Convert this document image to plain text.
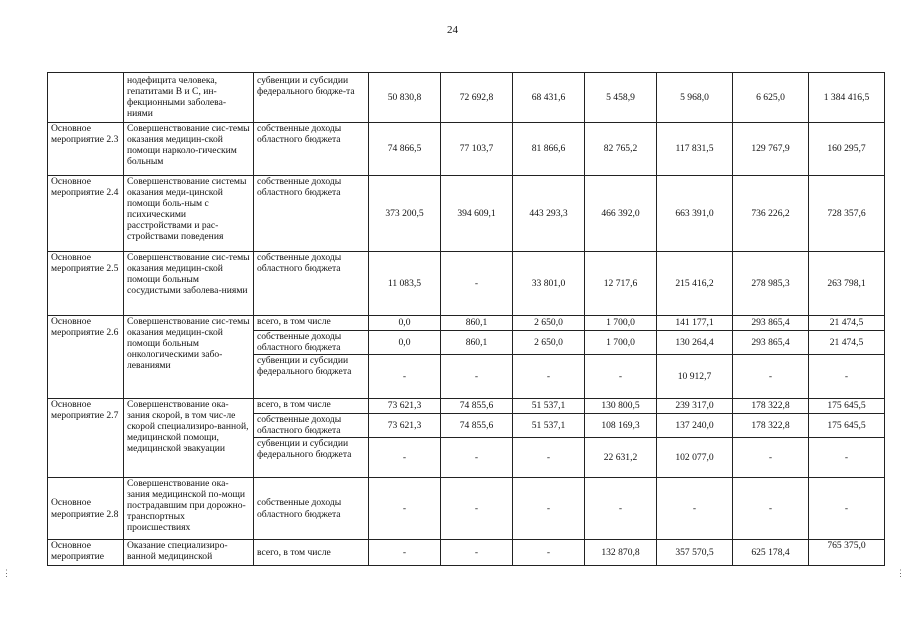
24
	нодефицита человека, гепатитами В и С, ин-фекционными заболева-ниями	субвенции и субсидии федерального бюдже-та	50 830,8	72 692,8	68 431,6	5 458,9	5 968,0	6 625,0	1 384 416,5
Основное мероприятие 2.3	Совершенствование сис-темы оказания медицин-ской помощи нарколо-гическим больным	собственные доходы областного бюджета	74 866,5	77 103,7	81 866,6	82 765,2	117 831,5	129 767,9	160 295,7
Основное мероприятие 2.4	Совершенствование системы оказания меди-цинской помощи боль-ным с психическими расстройствами и рас-стройствами поведения	собственные доходы областного бюджета	373 200,5	394 609,1	443 293,3	466 392,0	663 391,0	736 226,2	728 357,6
Основное мероприятие 2.5	Совершенствование сис-темы оказания медицин-ской помощи больным сосудистыми заболева-ниями	собственные доходы областного бюджета	11 083,5	-	33 801,0	12 717,6	215 416,2	278 985,3	263 798,1
Основное мероприятие 2.6	Совершенствование сис-темы оказания медицин-ской помощи больным онкологическими забо-леваниями	всего, в том числе	0,0	860,1	2 650,0	1 700,0	141 177,1	293 865,4	21 474,5
		собственные доходы областного бюджета	0,0	860,1	2 650,0	1 700,0	130 264,4	293 865,4	21 474,5
		субвенции и субсидии федерального бюджета	-	-	-	-	10 912,7	-	-
Основное мероприятие 2.7	Совершенствование ока-зания скорой, в том чис-ле скорой специализиро-ванной, медицинской помощи, медицинской эвакуации	всего, в том числе	73 621,3	74 855,6	51 537,1	130 800,5	239 317,0	178 322,8	175 645,5
		собственные доходы областного бюджета	73 621,3	74 855,6	51 537,1	108 169,3	137 240,0	178 322,8	175 645,5
		субвенции и субсидии федерального бюджета	-	-	-	22 631,2	102 077,0	-	-
Основное мероприятие 2.8	Совершенствование ока-зания медицинской по-мощи пострадавшим при дорожно-транспортных происшествиях	собственные доходы областного бюджета	-	-	-	-	-	-	-
Основное мероприятие	Оказание специализиро-ванной медицинской	всего, в том числе	-	-	-	132 870,8	357 570,5	625 178,4	765 375,0
⋮	⋮
